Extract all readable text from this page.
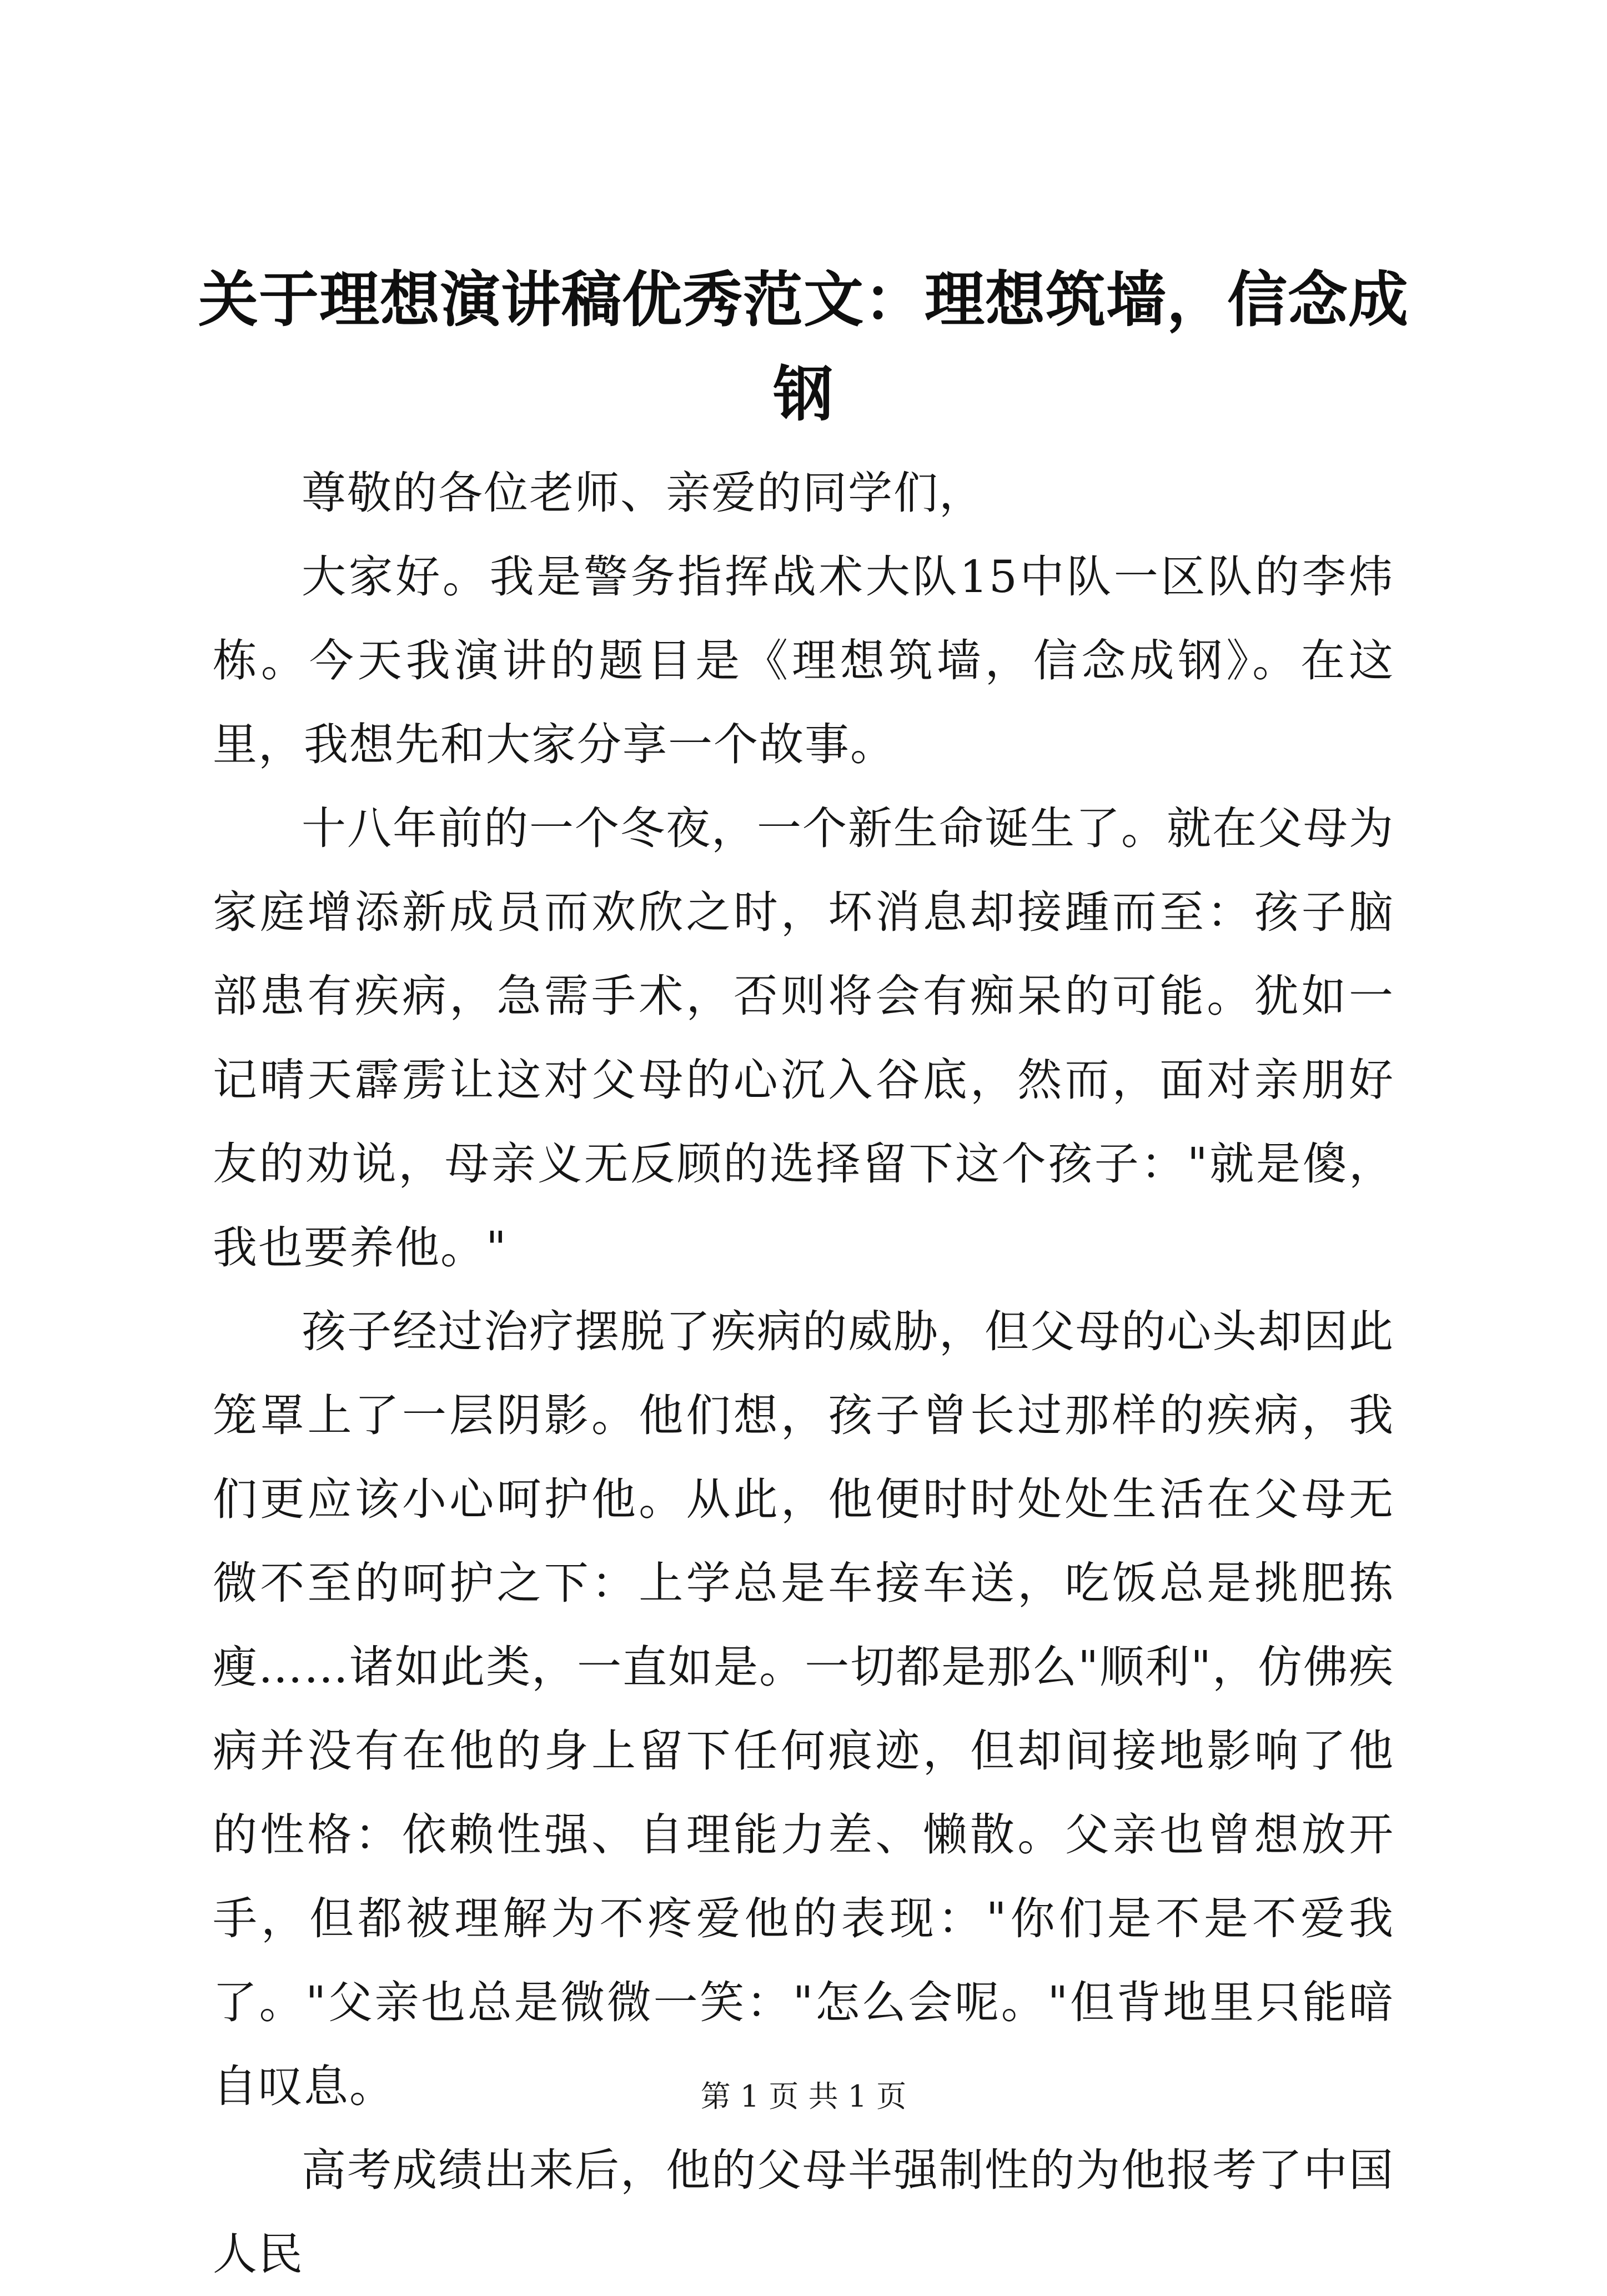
关于理想演讲稿优秀范文：理想筑墙，信念成钢

尊敬的各位老师、亲爱的同学们，

大家好。我是警务指挥战术大队15中队一区队的李炜栋。今天我演讲的题目是《理想筑墙，信念成钢》。在这里，我想先和大家分享一个故事。

十八年前的一个冬夜，一个新生命诞生了。就在父母为家庭增添新成员而欢欣之时，坏消息却接踵而至：孩子脑部患有疾病，急需手术，否则将会有痴呆的可能。犹如一记晴天霹雳让这对父母的心沉入谷底，然而，面对亲朋好友的劝说，母亲义无反顾的选择留下这个孩子："就是傻，我也要养他。"

孩子经过治疗摆脱了疾病的威胁，但父母的心头却因此笼罩上了一层阴影。他们想，孩子曾长过那样的疾病，我们更应该小心呵护他。从此，他便时时处处生活在父母无微不至的呵护之下：上学总是车接车送，吃饭总是挑肥拣瘦……诸如此类，一直如是。一切都是那么"顺利"，仿佛疾病并没有在他的身上留下任何痕迹，但却间接地影响了他的性格：依赖性强、自理能力差、懒散。父亲也曾想放开手，但都被理解为不疼爱他的表现："你们是不是不爱我了。"父亲也总是微微一笑："怎么会呢。"但背地里只能暗自叹息。

高考成绩出来后，他的父母半强制性的为他报考了中国人民

第 1 页 共 1 页
